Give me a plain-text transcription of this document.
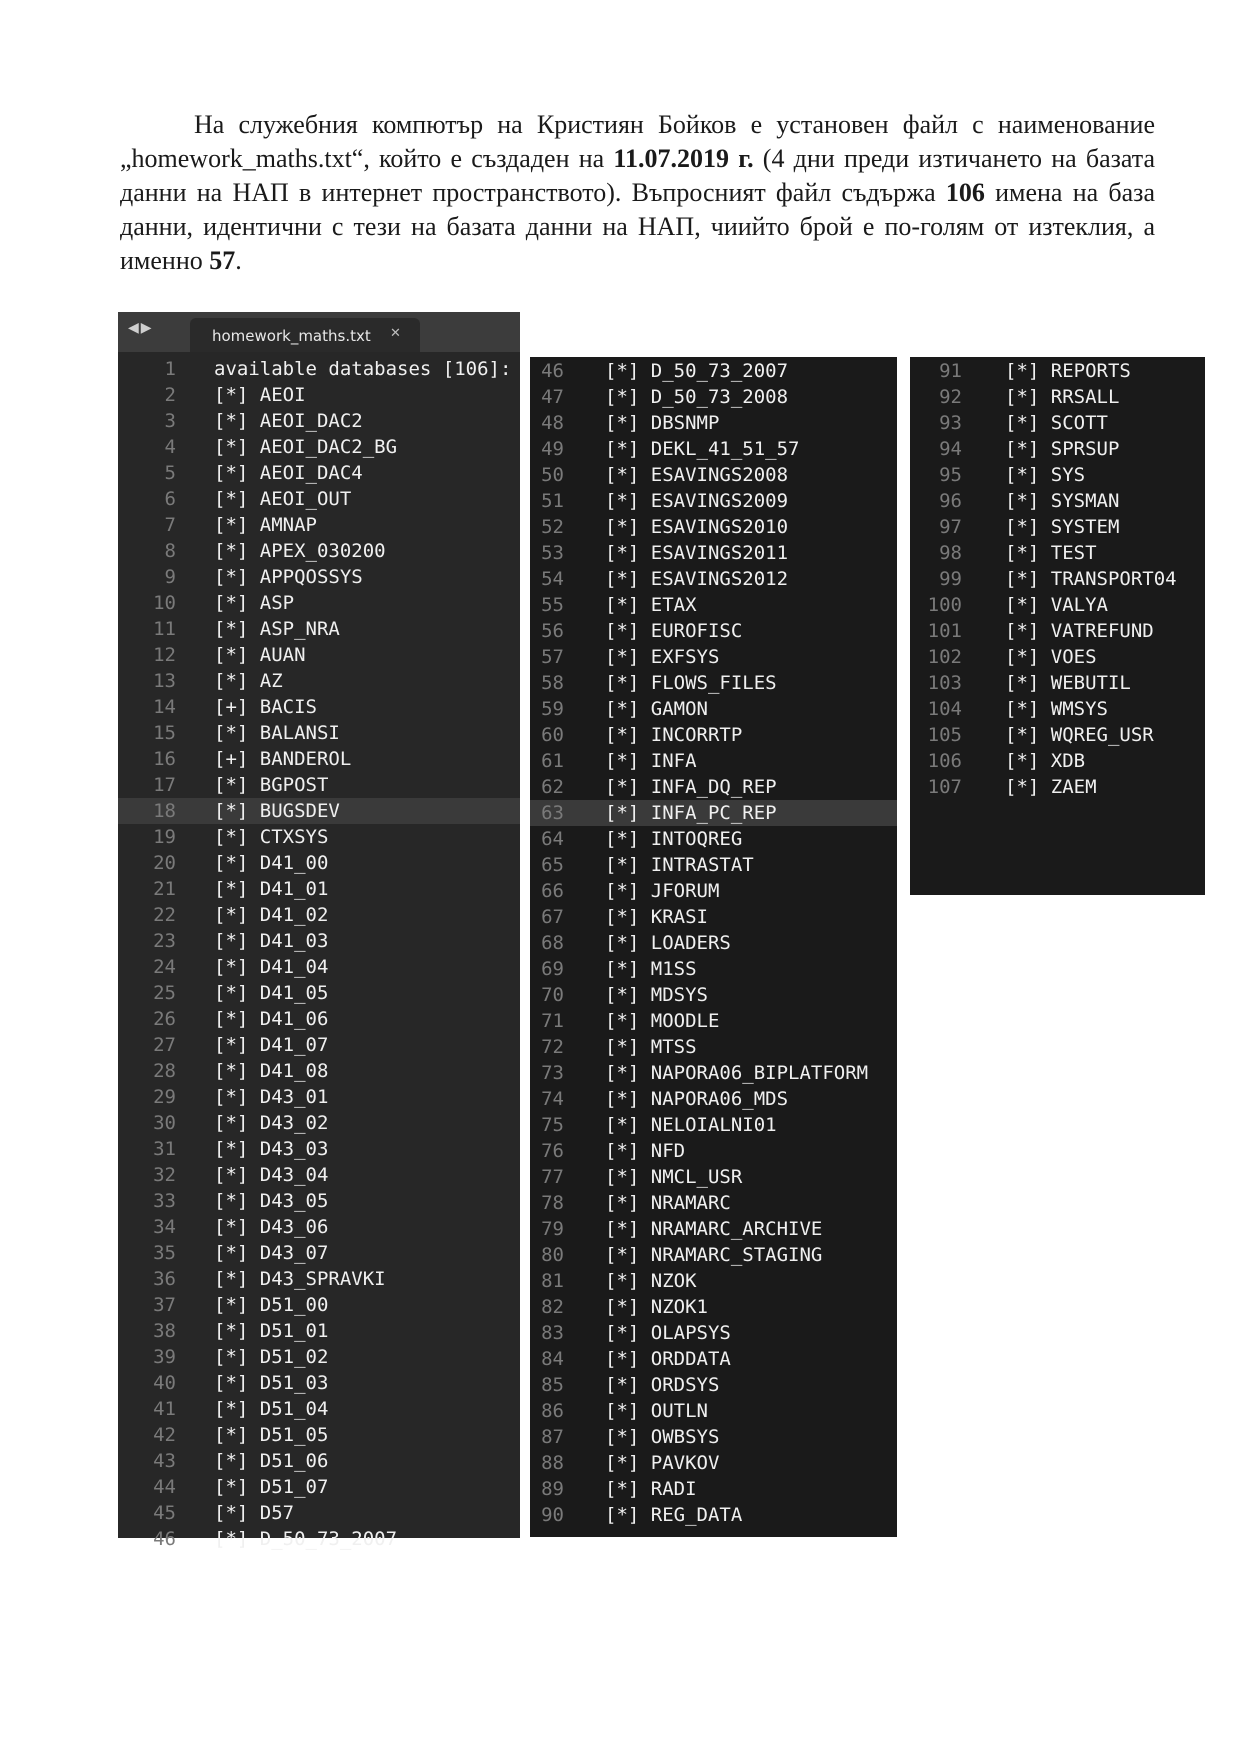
На служебния компютър на Кристиян Бойков е установен файл с наименование „homework_maths.txt“, който е създаден на 11.07.2019 г. (4 дни преди изтичането на базата данни на НАП в интернет пространството). Въпросният файл съдържа 106 имена на база данни, идентични с тези на базата данни на НАП, чиийто брой е по-голям от изтеклия, а именно 57.

◀▶	homework_maths.txt ✕
1 available databases [106]:
2 [*] AEOI
3 [*] AEOI_DAC2
4 [*] AEOI_DAC2_BG
5 [*] AEOI_DAC4
6 [*] AEOI_OUT
7 [*] AMNAP
8 [*] APEX_030200
9 [*] APPQOSSYS
10 [*] ASP
11 [*] ASP_NRA
12 [*] AUAN
13 [*] AZ
14 [+] BACIS
15 [*] BALANSI
16 [+] BANDEROL
17 [*] BGPOST
18 [*] BUGSDEV
19 [*] CTXSYS
20 [*] D41_00
21 [*] D41_01
22 [*] D41_02
23 [*] D41_03
24 [*] D41_04
25 [*] D41_05
26 [*] D41_06
27 [*] D41_07
28 [*] D41_08
29 [*] D43_01
30 [*] D43_02
31 [*] D43_03
32 [*] D43_04
33 [*] D43_05
34 [*] D43_06
35 [*] D43_07
36 [*] D43_SPRAVKI
37 [*] D51_00
38 [*] D51_01
39 [*] D51_02
40 [*] D51_03
41 [*] D51_04
42 [*] D51_05
43 [*] D51_06
44 [*] D51_07
45 [*] D57
46 [*] D_50_73_2007
46 [*] D_50_73_2007
47 [*] D_50_73_2008
48 [*] DBSNMP
49 [*] DEKL_41_51_57
50 [*] ESAVINGS2008
51 [*] ESAVINGS2009
52 [*] ESAVINGS2010
53 [*] ESAVINGS2011
54 [*] ESAVINGS2012
55 [*] ETAX
56 [*] EUROFISC
57 [*] EXFSYS
58 [*] FLOWS_FILES
59 [*] GAMON
60 [*] INCORRTP
61 [*] INFA
62 [*] INFA_DQ_REP
63 [*] INFA_PC_REP
64 [*] INTOQREG
65 [*] INTRASTAT
66 [*] JFORUM
67 [*] KRASI
68 [*] LOADERS
69 [*] M1SS
70 [*] MDSYS
71 [*] MOODLE
72 [*] MTSS
73 [*] NAPORA06_BIPLATFORM
74 [*] NAPORA06_MDS
75 [*] NELOIALNI01
76 [*] NFD
77 [*] NMCL_USR
78 [*] NRAMARC
79 [*] NRAMARC_ARCHIVE
80 [*] NRAMARC_STAGING
81 [*] NZOK
82 [*] NZOK1
83 [*] OLAPSYS
84 [*] ORDDATA
85 [*] ORDSYS
86 [*] OUTLN
87 [*] OWBSYS
88 [*] PAVKOV
89 [*] RADI
90 [*] REG_DATA
91 [*] REPORTS
92 [*] RRSALL
93 [*] SCOTT
94 [*] SPRSUP
95 [*] SYS
96 [*] SYSMAN
97 [*] SYSTEM
98 [*] TEST
99 [*] TRANSPORT04
100 [*] VALYA
101 [*] VATREFUND
102 [*] VOES
103 [*] WEBUTIL
104 [*] WMSYS
105 [*] WQREG_USR
106 [*] XDB
107 [*] ZAEM
